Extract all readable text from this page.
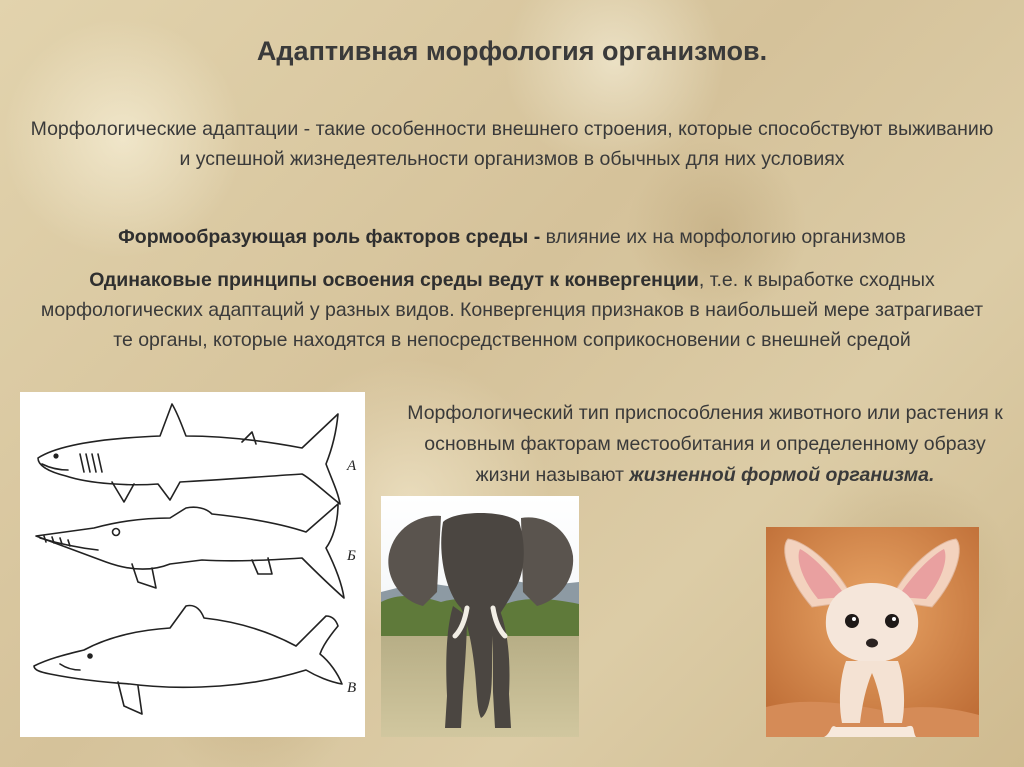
Адаптивная морфология организмов.
Морфологические адаптации - такие особенности внешнего строения, которые способствуют выживанию и успешной жизнедеятельности организмов в обычных для них условиях
Формообразующая роль факторов среды - влияние их на морфологию организмов
Одинаковые принципы освоения среды ведут к конвергенции, т.е. к выработке сходных морфологических адаптаций у разных видов. Конвергенция признаков в наибольшей мере затрагивает те органы, которые находятся в непосредственном соприкосновении с внешней средой
Морфологический тип приспособления животного или растения к основным факторам местообитания и определенному образу жизни называют жизненной формой организма.
А
Б
В
